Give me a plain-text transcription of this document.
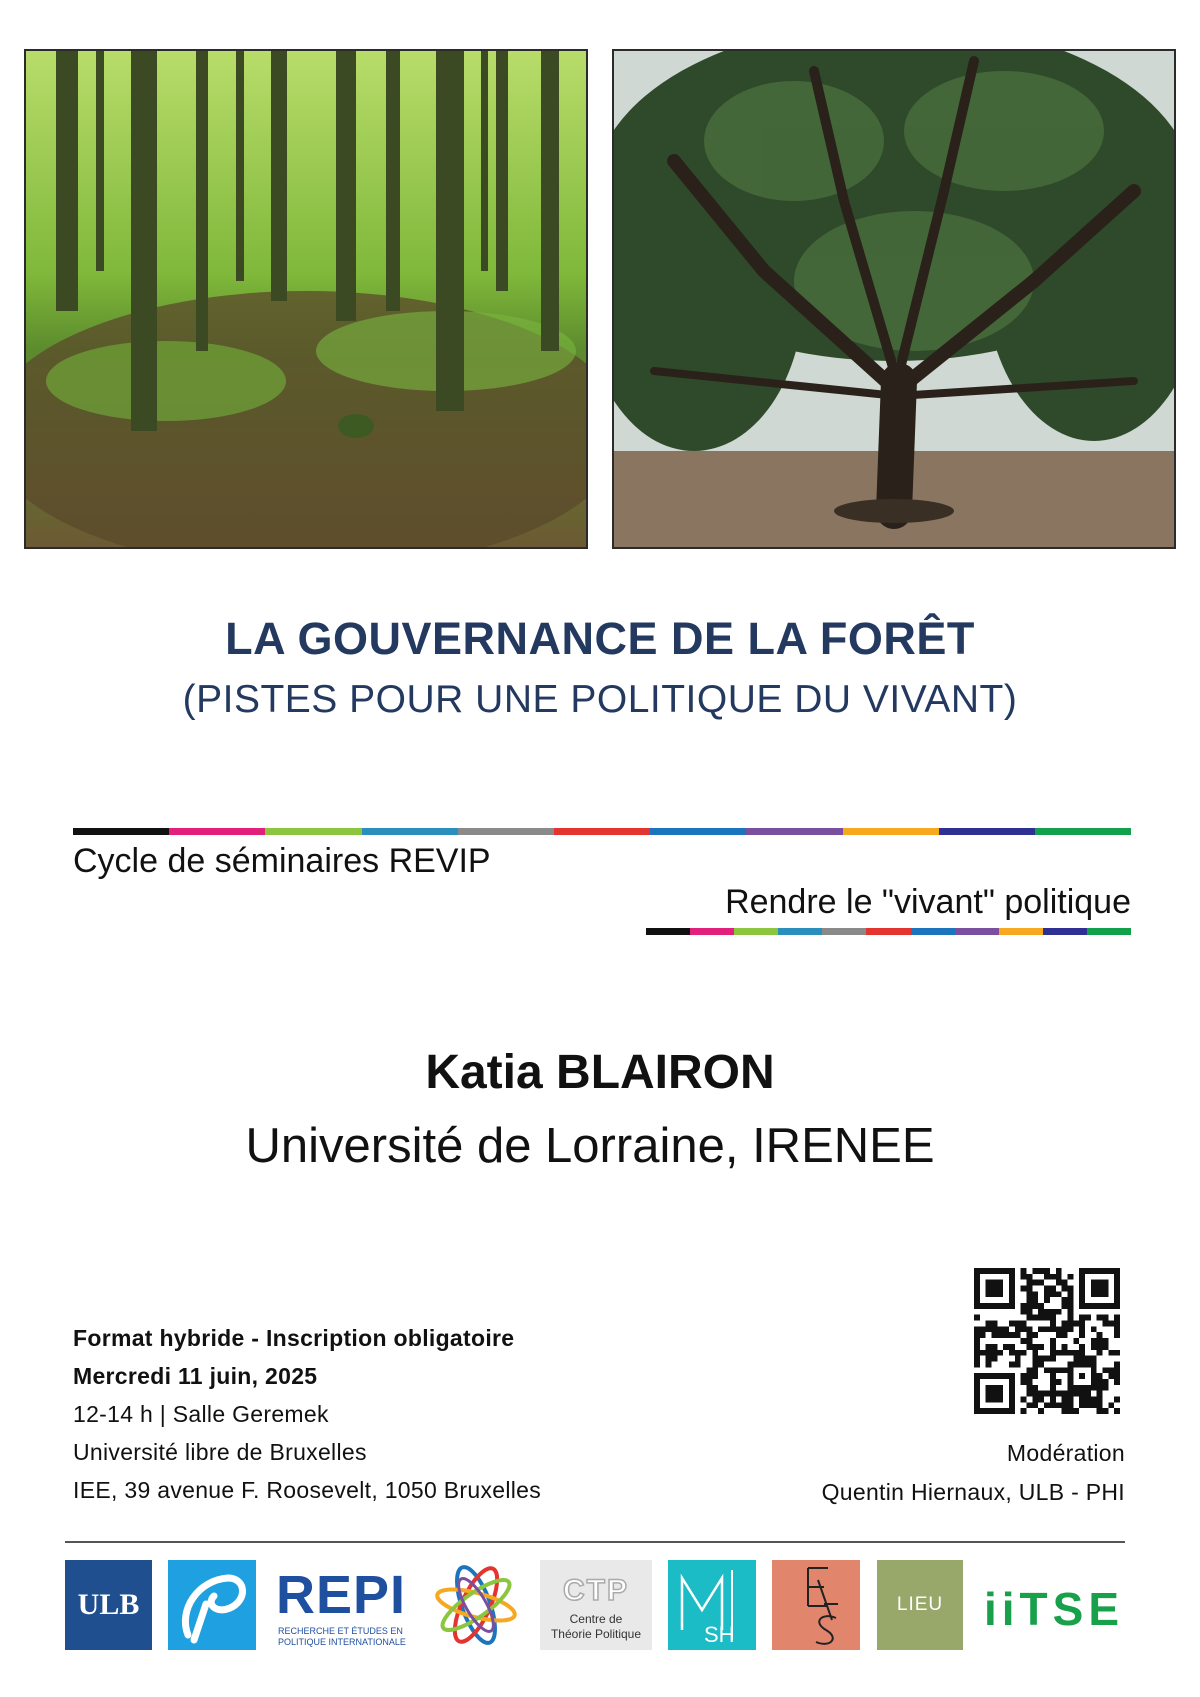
LA GOUVERNANCE DE LA FORÊT
(PISTES POUR UNE POLITIQUE DU VIVANT)

Cycle de séminaires REVIP

Rendre le "vivant" politique

Katia BLAIRON

Université de Lorraine, IRENEE

Format hybride - Inscription obligatoire

Mercredi 11 juin, 2025

12-14 h | Salle Geremek

Université libre de Bruxelles

IEE, 39 avenue F. Roosevelt, 1050 Bruxelles

Modération

Quentin Hiernaux, ULB - PHI

ULB	REPI
RECHERCHE ET ÉTUDES EN
POLITIQUE INTERNATIONALE
CTP
Centre de
Théorie Politique	SH
LIEU iiTSE
